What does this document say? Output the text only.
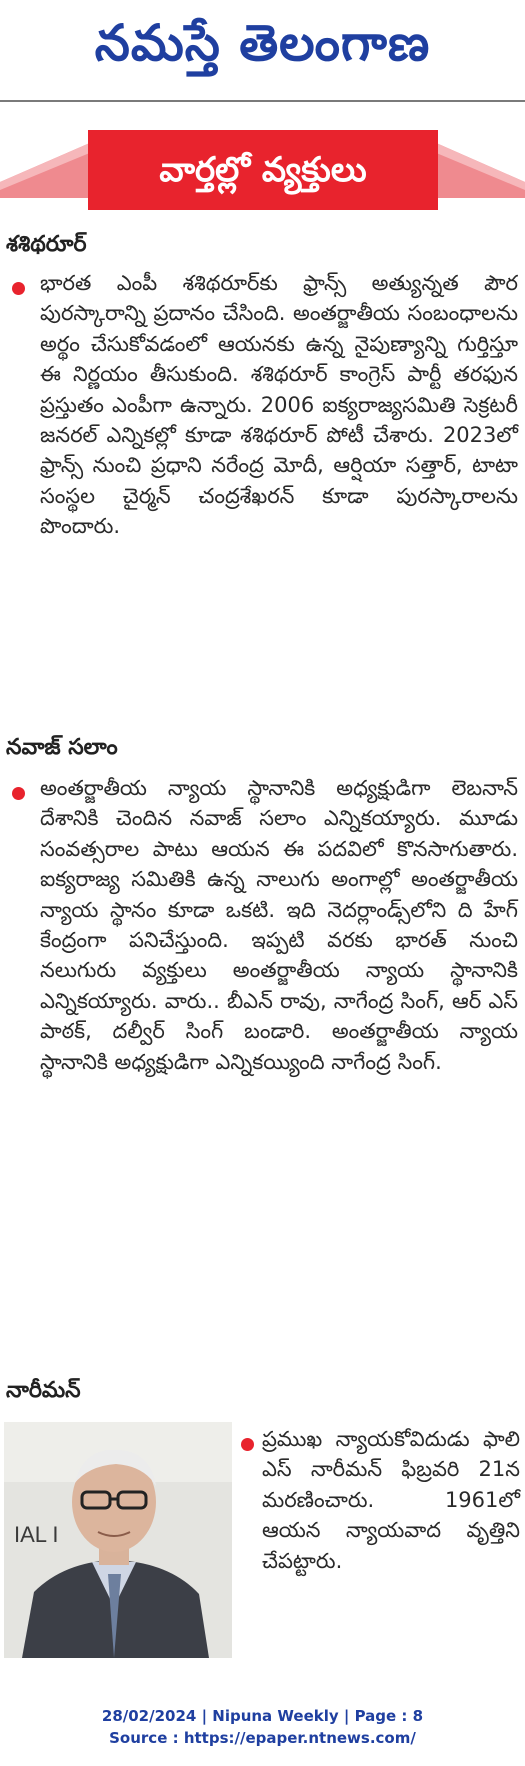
నమస్తే తెలంగాణ
వార్తల్లో వ్యక్తులు
శశిథరూర్
భారత ఎంపీ శశిథరూర్‌కు ఫ్రాన్స్ అత్యున్నత పౌర పురస్కారాన్ని ప్రదానం చేసింది. అంతర్జాతీయ సంబంధాలను అర్థం చేసుకోవడంలో ఆయనకు ఉన్న నైపుణ్యాన్ని గుర్తిస్తూ ఈ నిర్ణయం తీసుకుంది. శశిథరూర్ కాంగ్రెస్ పార్టీ తరఫున ప్రస్తుతం ఎంపీగా ఉన్నారు. 2006 ఐక్యరాజ్యసమితి సెక్రటరీ జనరల్ ఎన్నికల్లో కూడా శశిథరూర్ పోటీ చేశారు. 2023లో ఫ్రాన్స్ నుంచి ప్రధాని నరేంద్ర మోదీ, ఆర్షియా సత్తార్, టాటా సంస్థల చైర్మన్ చంద్రశేఖరన్ కూడా పురస్కారాలను పొందారు.
నవాజ్ సలాం
అంతర్జాతీయ న్యాయ స్థానానికి అధ్యక్షుడిగా లెబనాన్ దేశానికి చెందిన నవాజ్ సలాం ఎన్నికయ్యారు. మూడు సంవత్సరాల పాటు ఆయన ఈ పదవిలో కొనసాగుతారు. ఐక్యరాజ్య సమితికి ఉన్న నాలుగు అంగాల్లో అంతర్జాతీయ న్యాయ స్థానం కూడా ఒకటి. ఇది నెదర్లాండ్స్‌లోని ది హేగ్ కేంద్రంగా పనిచేస్తుంది. ఇప్పటి వరకు భారత్ నుంచి నలుగురు వ్యక్తులు అంతర్జాతీయ న్యాయ స్థానానికి ఎన్నికయ్యారు. వారు.. బీఎన్ రావు, నాగేంద్ర సింగ్, ఆర్ ఎస్ పాఠక్, దల్వీర్ సింగ్ బండారి. అంతర్జాతీయ న్యాయ స్థానానికి అధ్యక్షుడిగా ఎన్నికయ్యింది నాగేంద్ర సింగ్.
నారీమన్
IAL I
ప్రముఖ న్యాయకోవిదుడు ఫాలి ఎస్ నారీమన్ ఫిబ్రవరి 21న మరణించారు. 1961లో ఆయన న్యాయవాద వృత్తిని చేపట్టారు.
28/02/2024 | Nipuna Weekly | Page : 8
Source : https://epaper.ntnews.com/
